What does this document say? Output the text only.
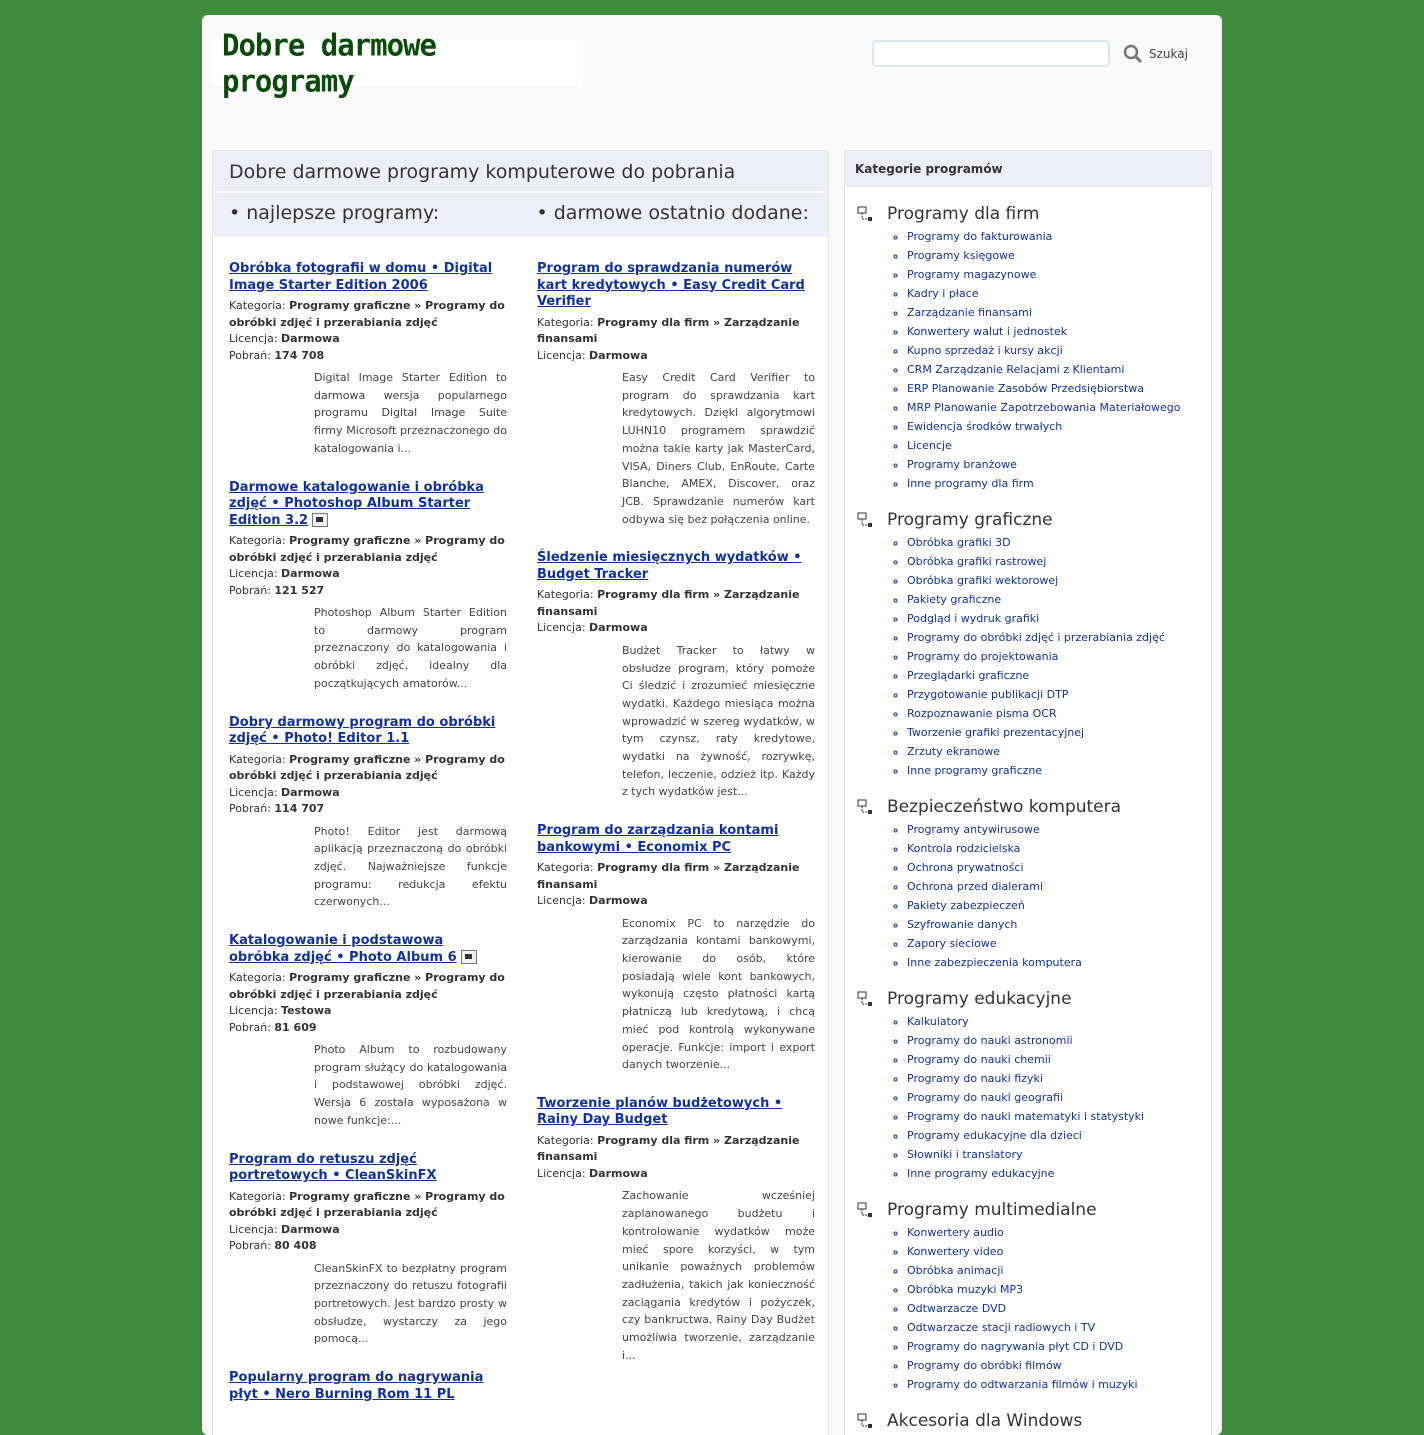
Dobre darmowe programy
Szukaj
Dobre darmowe programy komputerowe do pobrania
• najlepsze programy:	• darmowe ostatnio dodane:
Obróbka fotografii w domu • Digital Image Starter Edition 2006
Kategoria: Programy graficzne » Programy do obróbki zdjęć i przerabiania zdjęć
Licencja: Darmowa
Pobrań: 174 708
Digital Image Starter Edition to darmowa wersja popularnego programu Digital Image Suite firmy Microsoft przeznaczonego do katalogowania i...
Darmowe katalogowanie i obróbka zdjęć • Photoshop Album Starter Edition 3.2
Kategoria: Programy graficzne » Programy do obróbki zdjęć i przerabiania zdjęć
Licencja: Darmowa
Pobrań: 121 527
Photoshop Album Starter Edition to darmowy program przeznaczony do katalogowania i obróbki zdjęć, idealny dla początkujących amatorów...
Dobry darmowy program do obróbki zdjęć • Photo! Editor 1.1
Kategoria: Programy graficzne » Programy do obróbki zdjęć i przerabiania zdjęć
Licencja: Darmowa
Pobrań: 114 707
Photo! Editor jest darmową aplikacją przeznaczoną do obróbki zdjęć. Najważniejsze funkcje programu: redukcja efektu czerwonych...
Katalogowanie i podstawowa obróbka zdjęć • Photo Album 6
Kategoria: Programy graficzne » Programy do obróbki zdjęć i przerabiania zdjęć
Licencja: Testowa
Pobrań: 81 609
Photo Album to rozbudowany program służący do katalogowania i podstawowej obróbki zdjęć. Wersja 6 została wyposażona w nowe funkcje:...
Program do retuszu zdjęć portretowych • CleanSkinFX
Kategoria: Programy graficzne » Programy do obróbki zdjęć i przerabiania zdjęć
Licencja: Darmowa
Pobrań: 80 408
CleanSkinFX to bezpłatny program przeznaczony do retuszu fotografii portretowych. Jest bardzo prosty w obsłudze, wystarczy za jego pomocą...
Popularny program do nagrywania płyt • Nero Burning Rom 11 PL
Program do sprawdzania numerów kart kredytowych • Easy Credit Card Verifier
Kategoria: Programy dla firm » Zarządzanie finansami
Licencja: Darmowa
Easy Credit Card Verifier to program do sprawdzania kart kredytowych. Dzięki algorytmowi LUHN10 programem sprawdzić można takie karty jak MasterCard, VISA, Diners Club, EnRoute, Carte Blanche, AMEX, Discover, oraz JCB. Sprawdzanie numerów kart odbywa się bez połączenia online.
Śledzenie miesięcznych wydatków • Budget Tracker
Kategoria: Programy dla firm » Zarządzanie finansami
Licencja: Darmowa
Budżet Tracker to łatwy w obsłudze program, który pomoże Ci śledzić i zrozumieć miesięczne wydatki. Każdego miesiąca można wprowadzić w szereg wydatków, w tym czynsz, raty kredytowe, wydatki na żywność, rozrywkę, telefon, leczenie, odzież itp. Każdy z tych wydatków jest...
Program do zarządzania kontami bankowymi • Economix PC
Kategoria: Programy dla firm » Zarządzanie finansami
Licencja: Darmowa
Economix PC to narzędzie do zarządzania kontami bankowymi, kierowanie do osób, które posiadają wiele kont bankowych, wykonują często płatności kartą płatniczą lub kredytową, i chcą mieć pod kontrolą wykonywane operacje. Funkcje: import i export danych tworzenie...
Tworzenie planów budżetowych • Rainy Day Budget
Kategoria: Programy dla firm » Zarządzanie finansami
Licencja: Darmowa
Zachowanie wcześniej zaplanowanego budżetu i kontrolowanie wydatków może mieć spore korzyści, w tym unikanie poważnych problemów zadłużenia, takich jak konieczność zaciągania kredytów i pożyczek, czy bankructwa. Rainy Day Budżet umożliwia tworzenie, zarządzanie i...
Kategorie programów
Programy dla firm
◦ Programy do fakturowania
◦ Programy księgowe
◦ Programy magazynowe
◦ Kadry i płace
◦ Zarządzanie finansami
◦ Konwertery walut i jednostek
◦ Kupno sprzedaż i kursy akcji
◦ CRM Zarządzanie Relacjami z Klientami
◦ ERP Planowanie Zasobów Przedsiębiorstwa
◦ MRP Planowanie Zapotrzebowania Materiałowego
◦ Ewidencja środków trwałych
◦ Licencje
◦ Programy branżowe
◦ Inne programy dla firm
Programy graficzne
◦ Obróbka grafiki 3D
◦ Obróbka grafiki rastrowej
◦ Obróbka grafiki wektorowej
◦ Pakiety graficzne
◦ Podgląd i wydruk grafiki
◦ Programy do obróbki zdjęć i przerabiania zdjęć
◦ Programy do projektowania
◦ Przeglądarki graficzne
◦ Przygotowanie publikacji DTP
◦ Rozpoznawanie pisma OCR
◦ Tworzenie grafiki prezentacyjnej
◦ Zrzuty ekranowe
◦ Inne programy graficzne
Bezpieczeństwo komputera
◦ Programy antywirusowe
◦ Kontrola rodzicielska
◦ Ochrona prywatności
◦ Ochrona przed dialerami
◦ Pakiety zabezpieczeń
◦ Szyfrowanie danych
◦ Zapory sieciowe
◦ Inne zabezpieczenia komputera
Programy edukacyjne
◦ Kalkulatory
◦ Programy do nauki astronomii
◦ Programy do nauki chemii
◦ Programy do nauki fizyki
◦ Programy do nauki geografii
◦ Programy do nauki matematyki i statystyki
◦ Programy edukacyjne dla dzieci
◦ Słowniki i translatory
◦ Inne programy edukacyjne
Programy multimedialne
◦ Konwertery audio
◦ Konwertery video
◦ Obróbka animacji
◦ Obróbka muzyki MP3
◦ Odtwarzacze DVD
◦ Odtwarzacze stacji radiowych i TV
◦ Programy do nagrywania płyt CD i DVD
◦ Programy do obróbki filmów
◦ Programy do odtwarzania filmów i muzyki
Akcesoria dla Windows
